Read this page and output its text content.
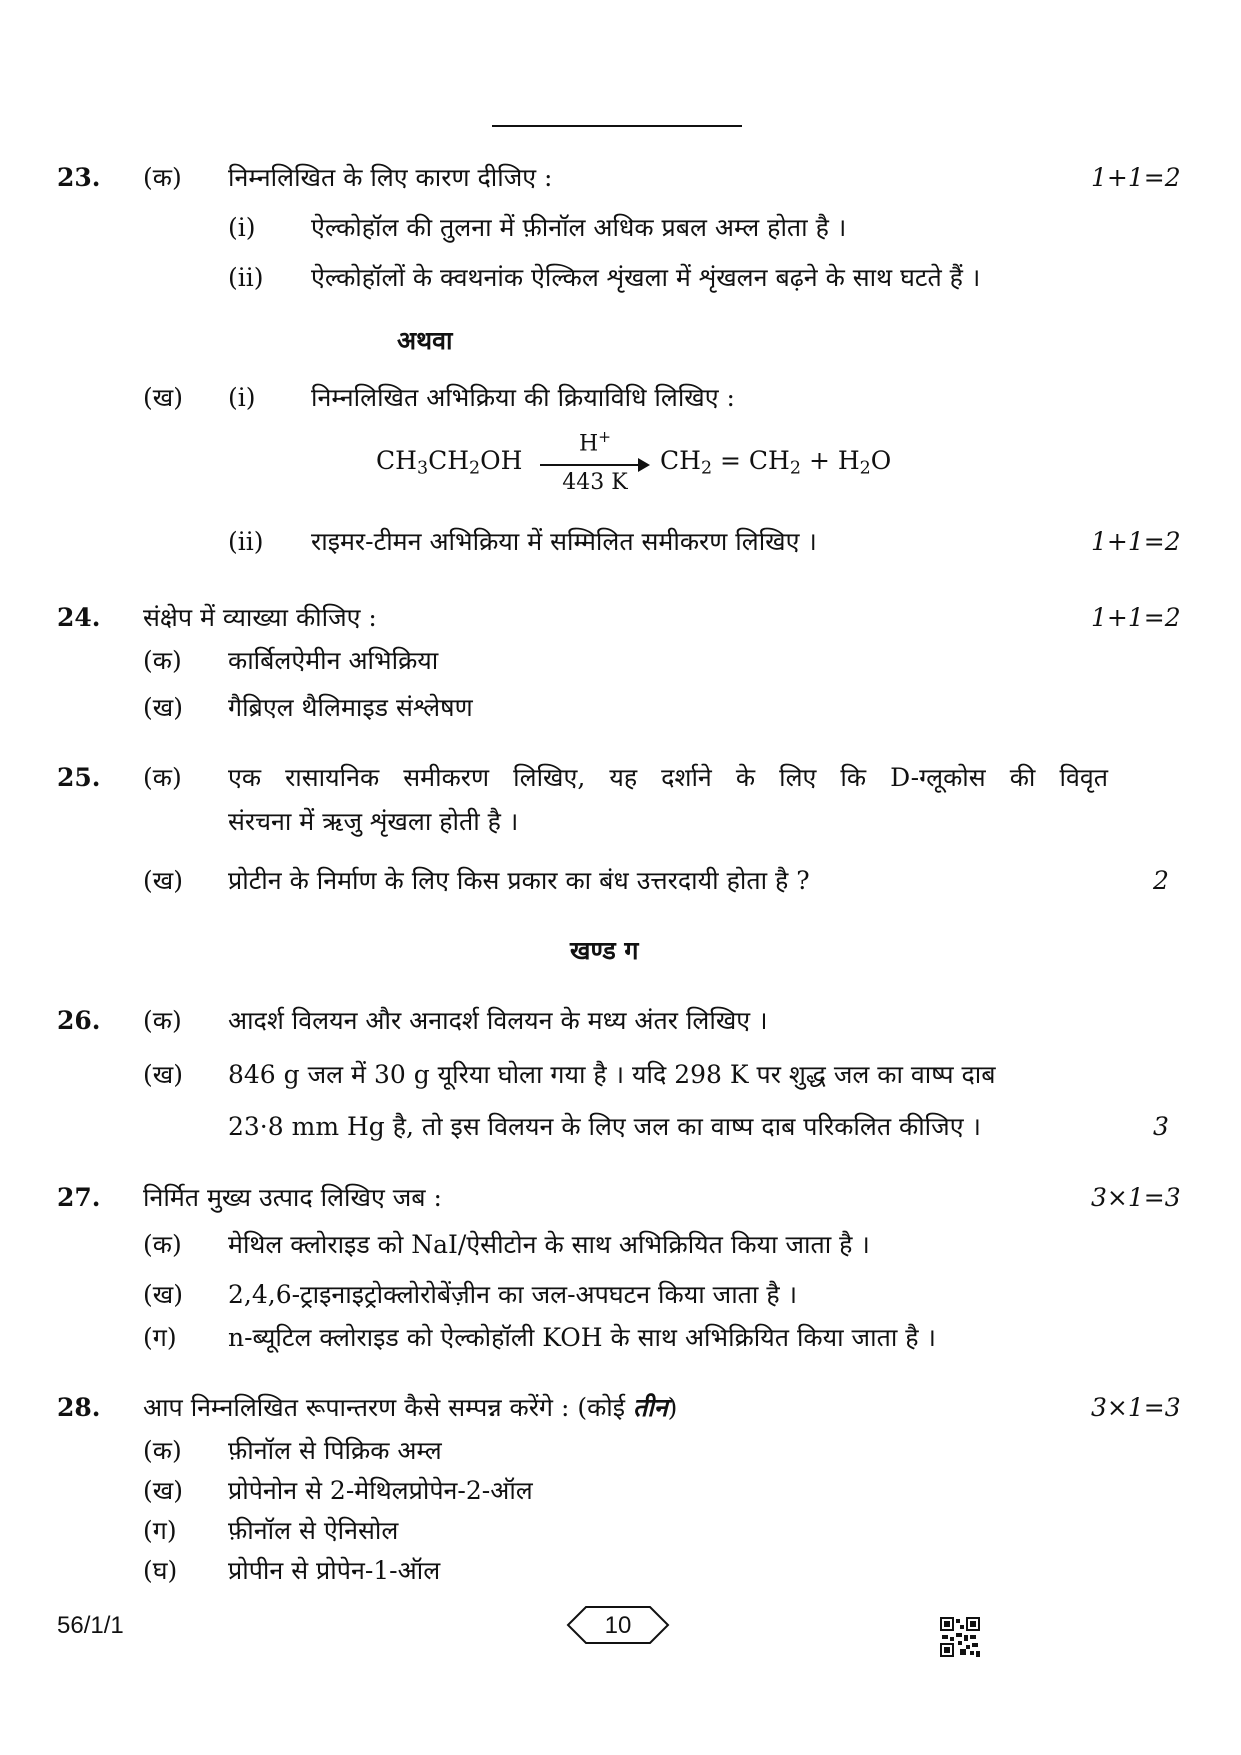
23. (क) निम्नलिखित के लिए कारण दीजिए :	1+1=2
(i) ऐल्कोहॉल की तुलना में फ़ीनॉल अधिक प्रबल अम्ल होता है ।
(ii) ऐल्कोहॉलों के क्वथनांक ऐल्किल शृंखला में शृंखलन बढ़ने के साथ घटते हैं ।
अथवा
(ख) (i) निम्नलिखित अभिक्रिया की क्रियाविधि लिखिए :
$CH_3CH_2OH$
H+
443 K
$CH_2 = CH_2 + H_2O$
(ii) राइमर-टीमन अभिक्रिया में सम्मिलित समीकरण लिखिए ।	1+1=2
24. संक्षेप में व्याख्या कीजिए :	1+1=2
(क) कार्बिलऐमीन अभिक्रिया
(ख) गैब्रिएल थैलिमाइड संश्लेषण
25. (क) एक रासायनिक समीकरण लिखिए, यह दर्शाने के लिए कि D-ग्लूकोस की विवृत
संरचना में ऋजु शृंखला होती है ।
(ख) प्रोटीन के निर्माण के लिए किस प्रकार का बंध उत्तरदायी होता है ?	2
खण्ड ग
26. (क) आदर्श विलयन और अनादर्श विलयन के मध्य अंतर लिखिए ।
(ख) 846 g जल में 30 g यूरिया घोला गया है । यदि 298 K पर शुद्ध जल का वाष्प दाब
23·8 mm Hg है, तो इस विलयन के लिए जल का वाष्प दाब परिकलित कीजिए ।	3
27. निर्मित मुख्य उत्पाद लिखिए जब :	3×1=3
(क) मेथिल क्लोराइड को NaI/ऐसीटोन के साथ अभिक्रियित किया जाता है ।
(ख) 2,4,6-ट्राइनाइट्रोक्लोरोबेंज़ीन का जल-अपघटन किया जाता है ।
(ग) n-ब्यूटिल क्लोराइड को ऐल्कोहॉली KOH के साथ अभिक्रियित किया जाता है ।
28. आप निम्नलिखित रूपान्तरण कैसे सम्पन्न करेंगे : (कोई तीन)	3×1=3
(क) फ़ीनॉल से पिक्रिक अम्ल
(ख) प्रोपेनोन से 2-मेथिलप्रोपेन-2-ऑल
(ग) फ़ीनॉल से ऐनिसोल
(घ) प्रोपीन से प्रोपेन-1-ऑल
56/1/1	10
